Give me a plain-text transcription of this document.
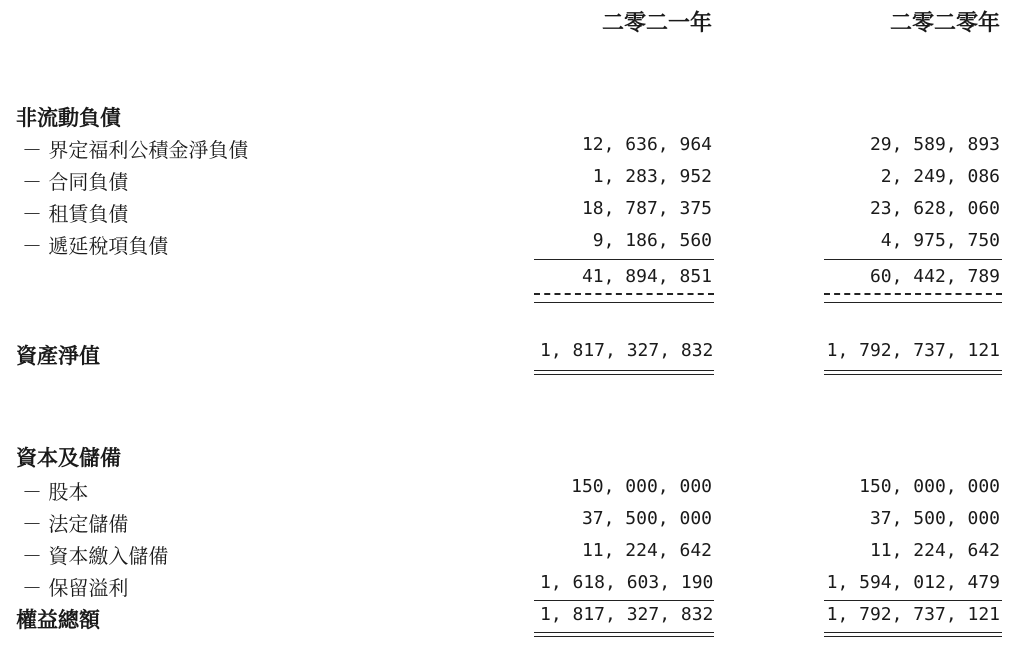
二零二一年	二零二零年
非流動負債
－ 界定福利公積金淨負債	12, 636, 964	29, 589, 893
－ 合同負債	1, 283, 952	2, 249, 086
－ 租賃負債	18, 787, 375	23, 628, 060
－ 遞延稅項負債	9, 186, 560	4, 975, 750
41, 894, 851	60, 442, 789
資產淨值	1, 817, 327, 832	1, 792, 737, 121
資本及儲備
－ 股本	150, 000, 000	150, 000, 000
－ 法定儲備	37, 500, 000	37, 500, 000
－ 資本繳入儲備	11, 224, 642	11, 224, 642
－ 保留溢利	1, 618, 603, 190	1, 594, 012, 479
權益總額	1, 817, 327, 832	1, 792, 737, 121
